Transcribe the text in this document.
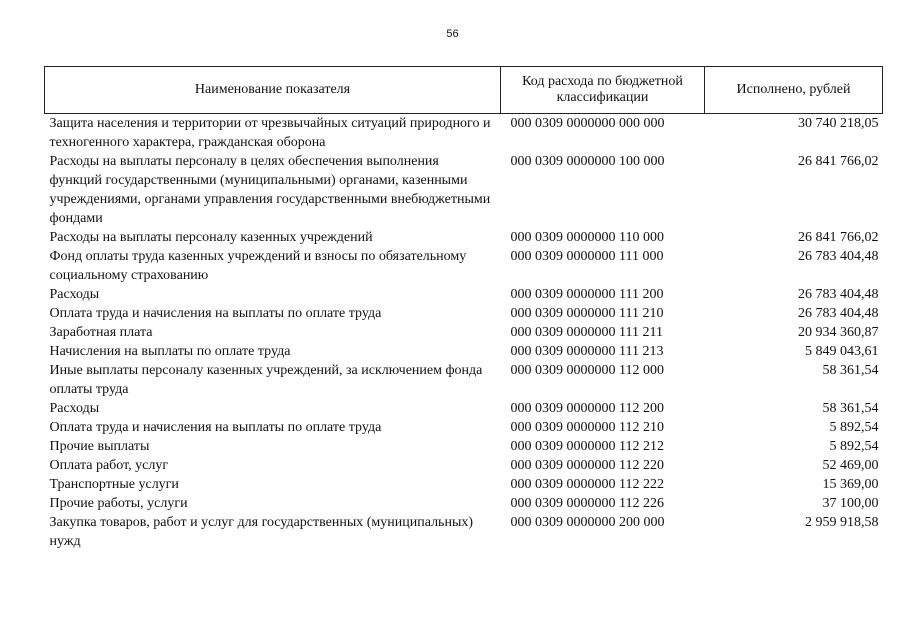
56
Наименование показателя	Код расхода по бюджетной классификации	Исполнено, рублей
Защита населения и территории от чрезвычайных ситуаций природного и техногенного характера, гражданская оборона	000 0309 0000000 000 000	30 740 218,05
Расходы на выплаты персоналу в целях обеспечения выполнения функций государственными (муниципальными) органами, казенными учреждениями, органами управления государственными внебюджетными фондами	000 0309 0000000 100 000	26 841 766,02
Расходы на выплаты персоналу казенных учреждений	000 0309 0000000 110 000	26 841 766,02
Фонд оплаты труда казенных учреждений и взносы по обязательному социальному страхованию	000 0309 0000000 111 000	26 783 404,48
Расходы	000 0309 0000000 111 200	26 783 404,48
Оплата труда и начисления на выплаты по оплате труда	000 0309 0000000 111 210	26 783 404,48
Заработная плата	000 0309 0000000 111 211	20 934 360,87
Начисления на выплаты по оплате труда	000 0309 0000000 111 213	5 849 043,61
Иные выплаты персоналу казенных учреждений, за исключением фонда оплаты труда	000 0309 0000000 112 000	58 361,54
Расходы	000 0309 0000000 112 200	58 361,54
Оплата труда и начисления на выплаты по оплате труда	000 0309 0000000 112 210	5 892,54
Прочие выплаты	000 0309 0000000 112 212	5 892,54
Оплата работ, услуг	000 0309 0000000 112 220	52 469,00
Транспортные услуги	000 0309 0000000 112 222	15 369,00
Прочие работы, услуги	000 0309 0000000 112 226	37 100,00
Закупка товаров, работ и услуг для государственных (муниципальных) нужд	000 0309 0000000 200 000	2 959 918,58
